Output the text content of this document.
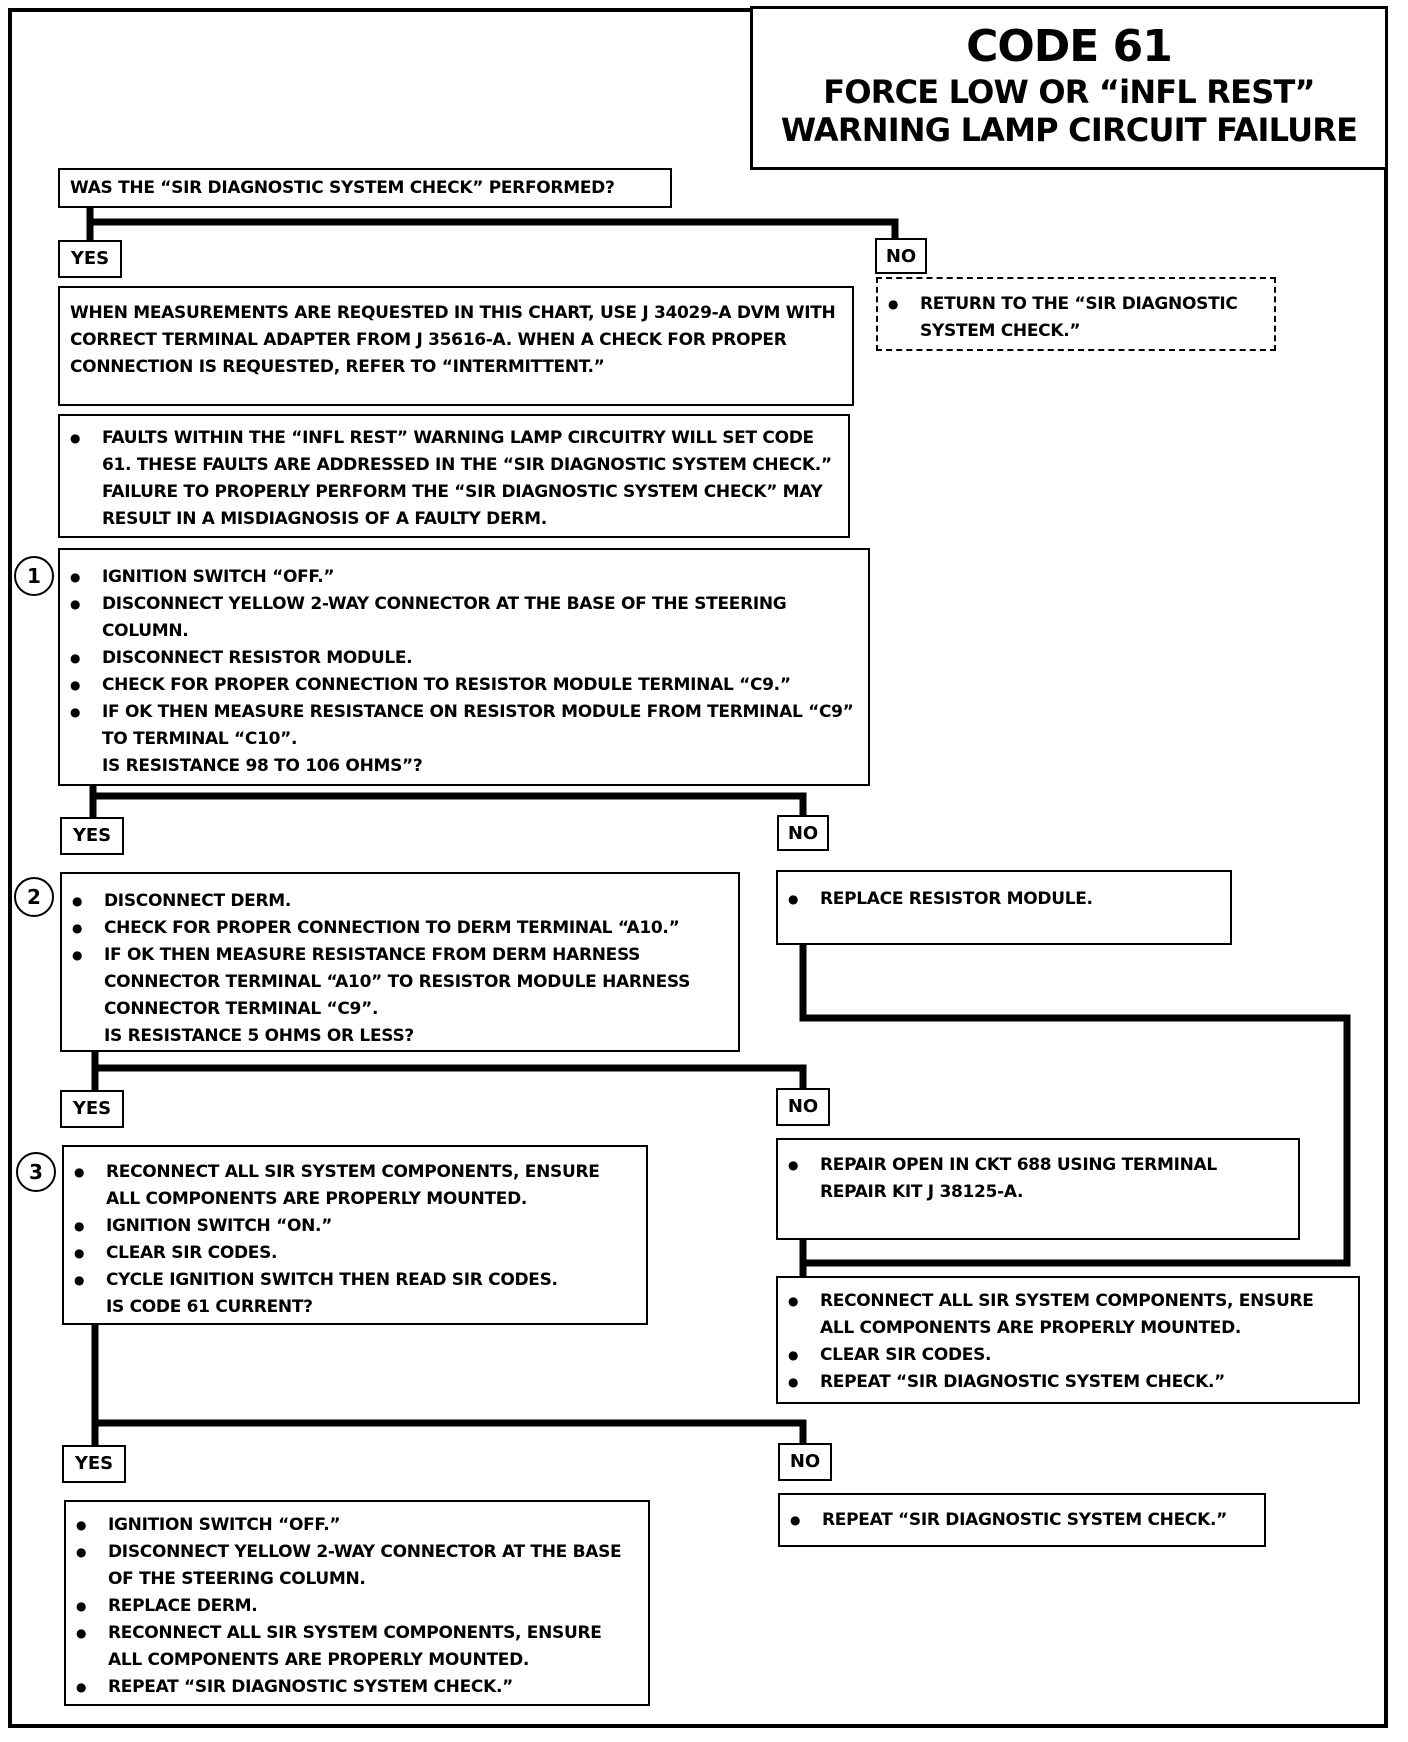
CODE 61
FORCE LOW OR “iNFL REST”
WARNING LAMP CIRCUIT FAILURE
WAS THE “SIR DIAGNOSTIC SYSTEM CHECK” PERFORMED?
YES	NO
● RETURN TO THE “SIR DIAGNOSTIC SYSTEM CHECK.”
WHEN MEASUREMENTS ARE REQUESTED IN THIS CHART, USE J 34029-A DVM WITH CORRECT TERMINAL ADAPTER FROM J 35616-A. WHEN A CHECK FOR PROPER CONNECTION IS REQUESTED, REFER TO “INTERMITTENT.”
● FAULTS WITHIN THE “INFL REST” WARNING LAMP CIRCUITRY WILL SET CODE 61. THESE FAULTS ARE ADDRESSED IN THE “SIR DIAGNOSTIC SYSTEM CHECK.” FAILURE TO PROPERLY PERFORM THE “SIR DIAGNOSTIC SYSTEM CHECK” MAY RESULT IN A MISDIAGNOSIS OF A FAULTY DERM.
1	● IGNITION SWITCH “OFF.”
● DISCONNECT YELLOW 2-WAY CONNECTOR AT THE BASE OF THE STEERING COLUMN.
● DISCONNECT RESISTOR MODULE.
● CHECK FOR PROPER CONNECTION TO RESISTOR MODULE TERMINAL “C9.”
● IF OK THEN MEASURE RESISTANCE ON RESISTOR MODULE FROM TERMINAL “C9” TO TERMINAL “C10”.
IS RESISTANCE 98 TO 106 OHMS”?
YES	NO
● REPLACE RESISTOR MODULE.
2	● DISCONNECT DERM.
● CHECK FOR PROPER CONNECTION TO DERM TERMINAL “A10.”
● IF OK THEN MEASURE RESISTANCE FROM DERM HARNESS CONNECTOR TERMINAL “A10” TO RESISTOR MODULE HARNESS CONNECTOR TERMINAL “C9”.
IS RESISTANCE 5 OHMS OR LESS?
YES	NO
● REPAIR OPEN IN CKT 688 USING TERMINAL REPAIR KIT J 38125-A.
3	● RECONNECT ALL SIR SYSTEM COMPONENTS, ENSURE ALL COMPONENTS ARE PROPERLY MOUNTED.
● IGNITION SWITCH “ON.”
● CLEAR SIR CODES.
● CYCLE IGNITION SWITCH THEN READ SIR CODES.
IS CODE 61 CURRENT?	● RECONNECT ALL SIR SYSTEM COMPONENTS, ENSURE ALL COMPONENTS ARE PROPERLY MOUNTED.
● CLEAR SIR CODES.
● REPEAT “SIR DIAGNOSTIC SYSTEM CHECK.”
YES	NO
● REPEAT “SIR DIAGNOSTIC SYSTEM CHECK.”
● IGNITION SWITCH “OFF.”
● DISCONNECT YELLOW 2-WAY CONNECTOR AT THE BASE OF THE STEERING COLUMN.
● REPLACE DERM.
● RECONNECT ALL SIR SYSTEM COMPONENTS, ENSURE ALL COMPONENTS ARE PROPERLY MOUNTED.
● REPEAT “SIR DIAGNOSTIC SYSTEM CHECK.”
